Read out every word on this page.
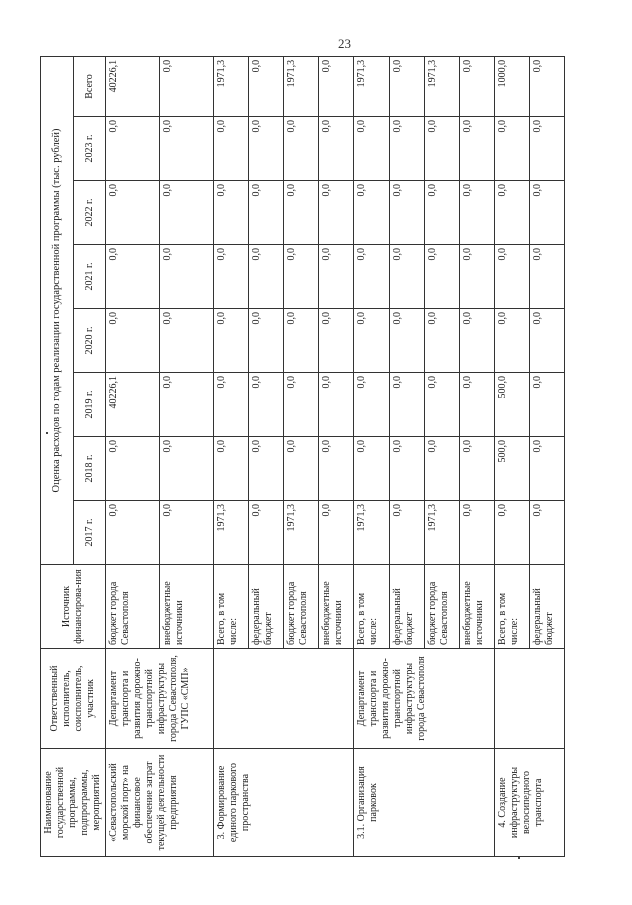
23
Наименование государственной программы, подпрограммы, мероприятий	Ответственный исполнитель, соисполнитель, участник	Источник финансирова-ния	Оценка расходов по годам реализации государственной программы (тыс. рублей)							
			2017 г.	2018 г.	2019 г.	2020 г.	2021 г.	2022 г.	2023 г.	Всего
«Севастопольский морской порт» на финансовое обеспечение затрат текущей деятельности предприятия	Департамент транспорта и развития дорожно-транспортной инфраструктуры города Севастополя, ГУПС «СМП»	бюджет города Севастополя	0,0	0,0	40226,1	0,0	0,0	0,0	0,0	40226,1
		внебюджетные источники	0,0	0,0	0,0	0,0	0,0	0,0	0,0	0,0
3. Формирование единого паркового пространства		Всего, в том числе:	1971,3	0,0	0,0	0,0	0,0	0,0	0,0	1971,3
		федеральный бюджет	0,0	0,0	0,0	0,0	0,0	0,0	0,0	0,0
		бюджет города Севастополя	1971,3	0,0	0,0	0,0	0,0	0,0	0,0	1971,3
		внебюджетные источники	0,0	0,0	0,0	0,0	0,0	0,0	0,0	0,0
3.1. Организация парковок	Департамент транспорта и развития дорожно-транспортной инфраструктуры города Севастополя	Всего, в том числе:	1971,3	0,0	0,0	0,0	0,0	0,0	0,0	1971,3
		федеральный бюджет	0,0	0,0	0,0	0,0	0,0	0,0	0,0	0,0
		бюджет города Севастополя	1971,3	0,0	0,0	0,0	0,0	0,0	0,0	1971,3
		внебюджетные источники	0,0	0,0	0,0	0,0	0,0	0,0	0,0	0,0
4. Создание инфраструктуры велосипедного транспорта		Всего, в том числе:	0,0	500,0	500,0	0,0	0,0	0,0	0,0	1000,0
		федеральный бюджет	0,0	0,0	0,0	0,0	0,0	0,0	0,0	0,0
